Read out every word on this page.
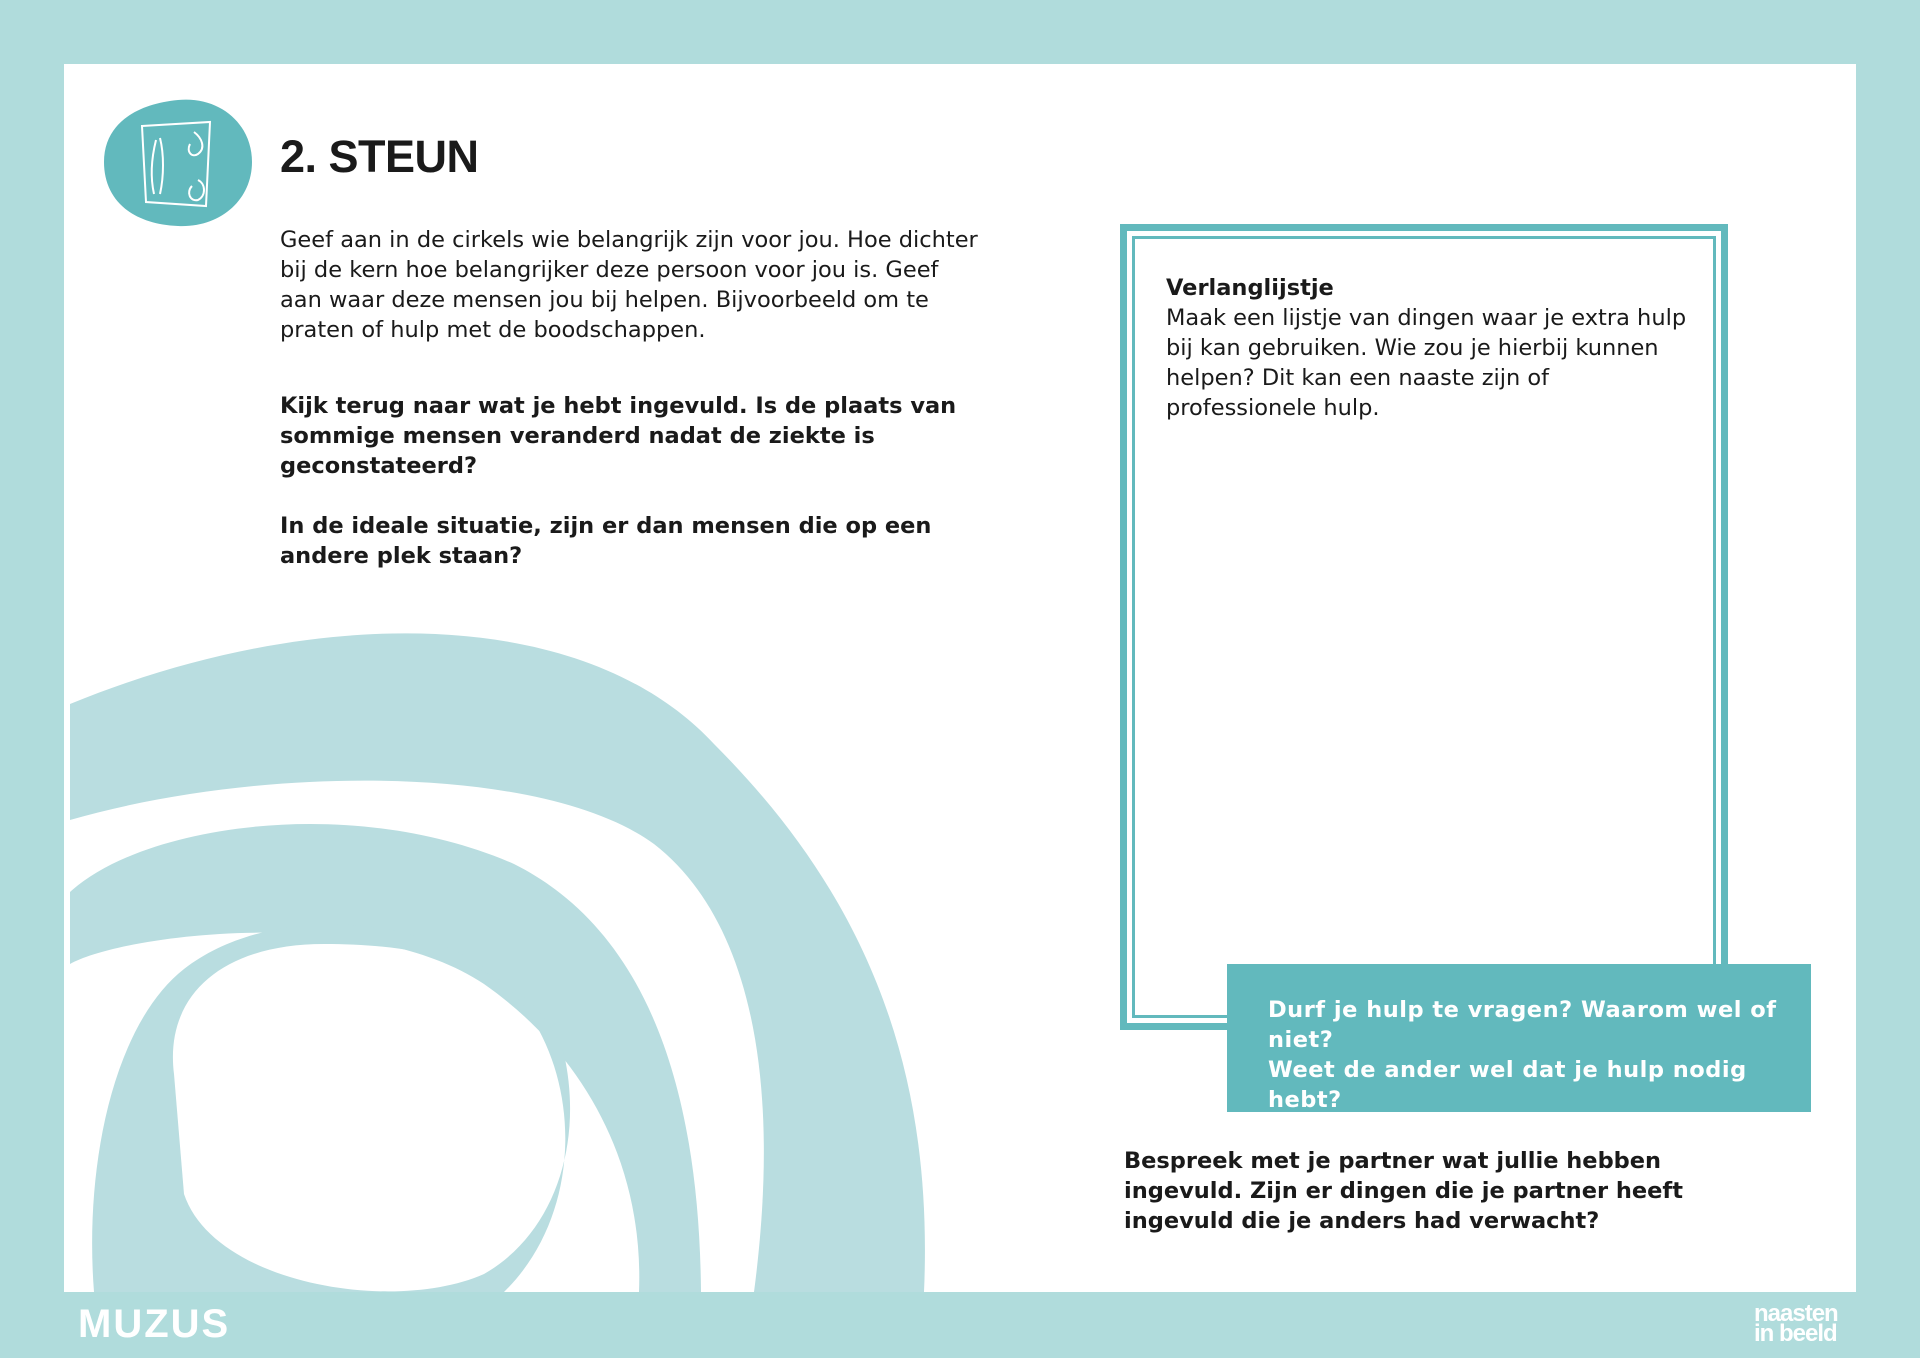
2. STEUN

Geef aan in de cirkels wie belangrijk zijn voor jou. Hoe dichter bij de kern hoe belangrijker deze persoon voor jou is. Geef aan waar deze mensen jou bij helpen. Bijvoorbeeld om te praten of hulp met de boodschappen.

Kijk terug naar wat je hebt ingevuld. Is de plaats van sommige mensen veranderd nadat de ziekte is geconstateerd?

In de ideale situatie, zijn er dan mensen die op een andere plek staan?

Verlanglijstje

Maak een lijstje van dingen waar je extra hulp bij kan gebruiken. Wie zou je hierbij kunnen helpen? Dit kan een naaste zijn of professionele hulp.

Durf je hulp te vragen? Waarom wel of niet?

Weet de ander wel dat je hulp nodig hebt?

Weet de ander wat jij fijn vindt?

Bespreek met je partner wat jullie hebben ingevuld. Zijn er dingen die je partner heeft ingevuld die je anders had verwacht?

MUZUS	naasten
in beeld
